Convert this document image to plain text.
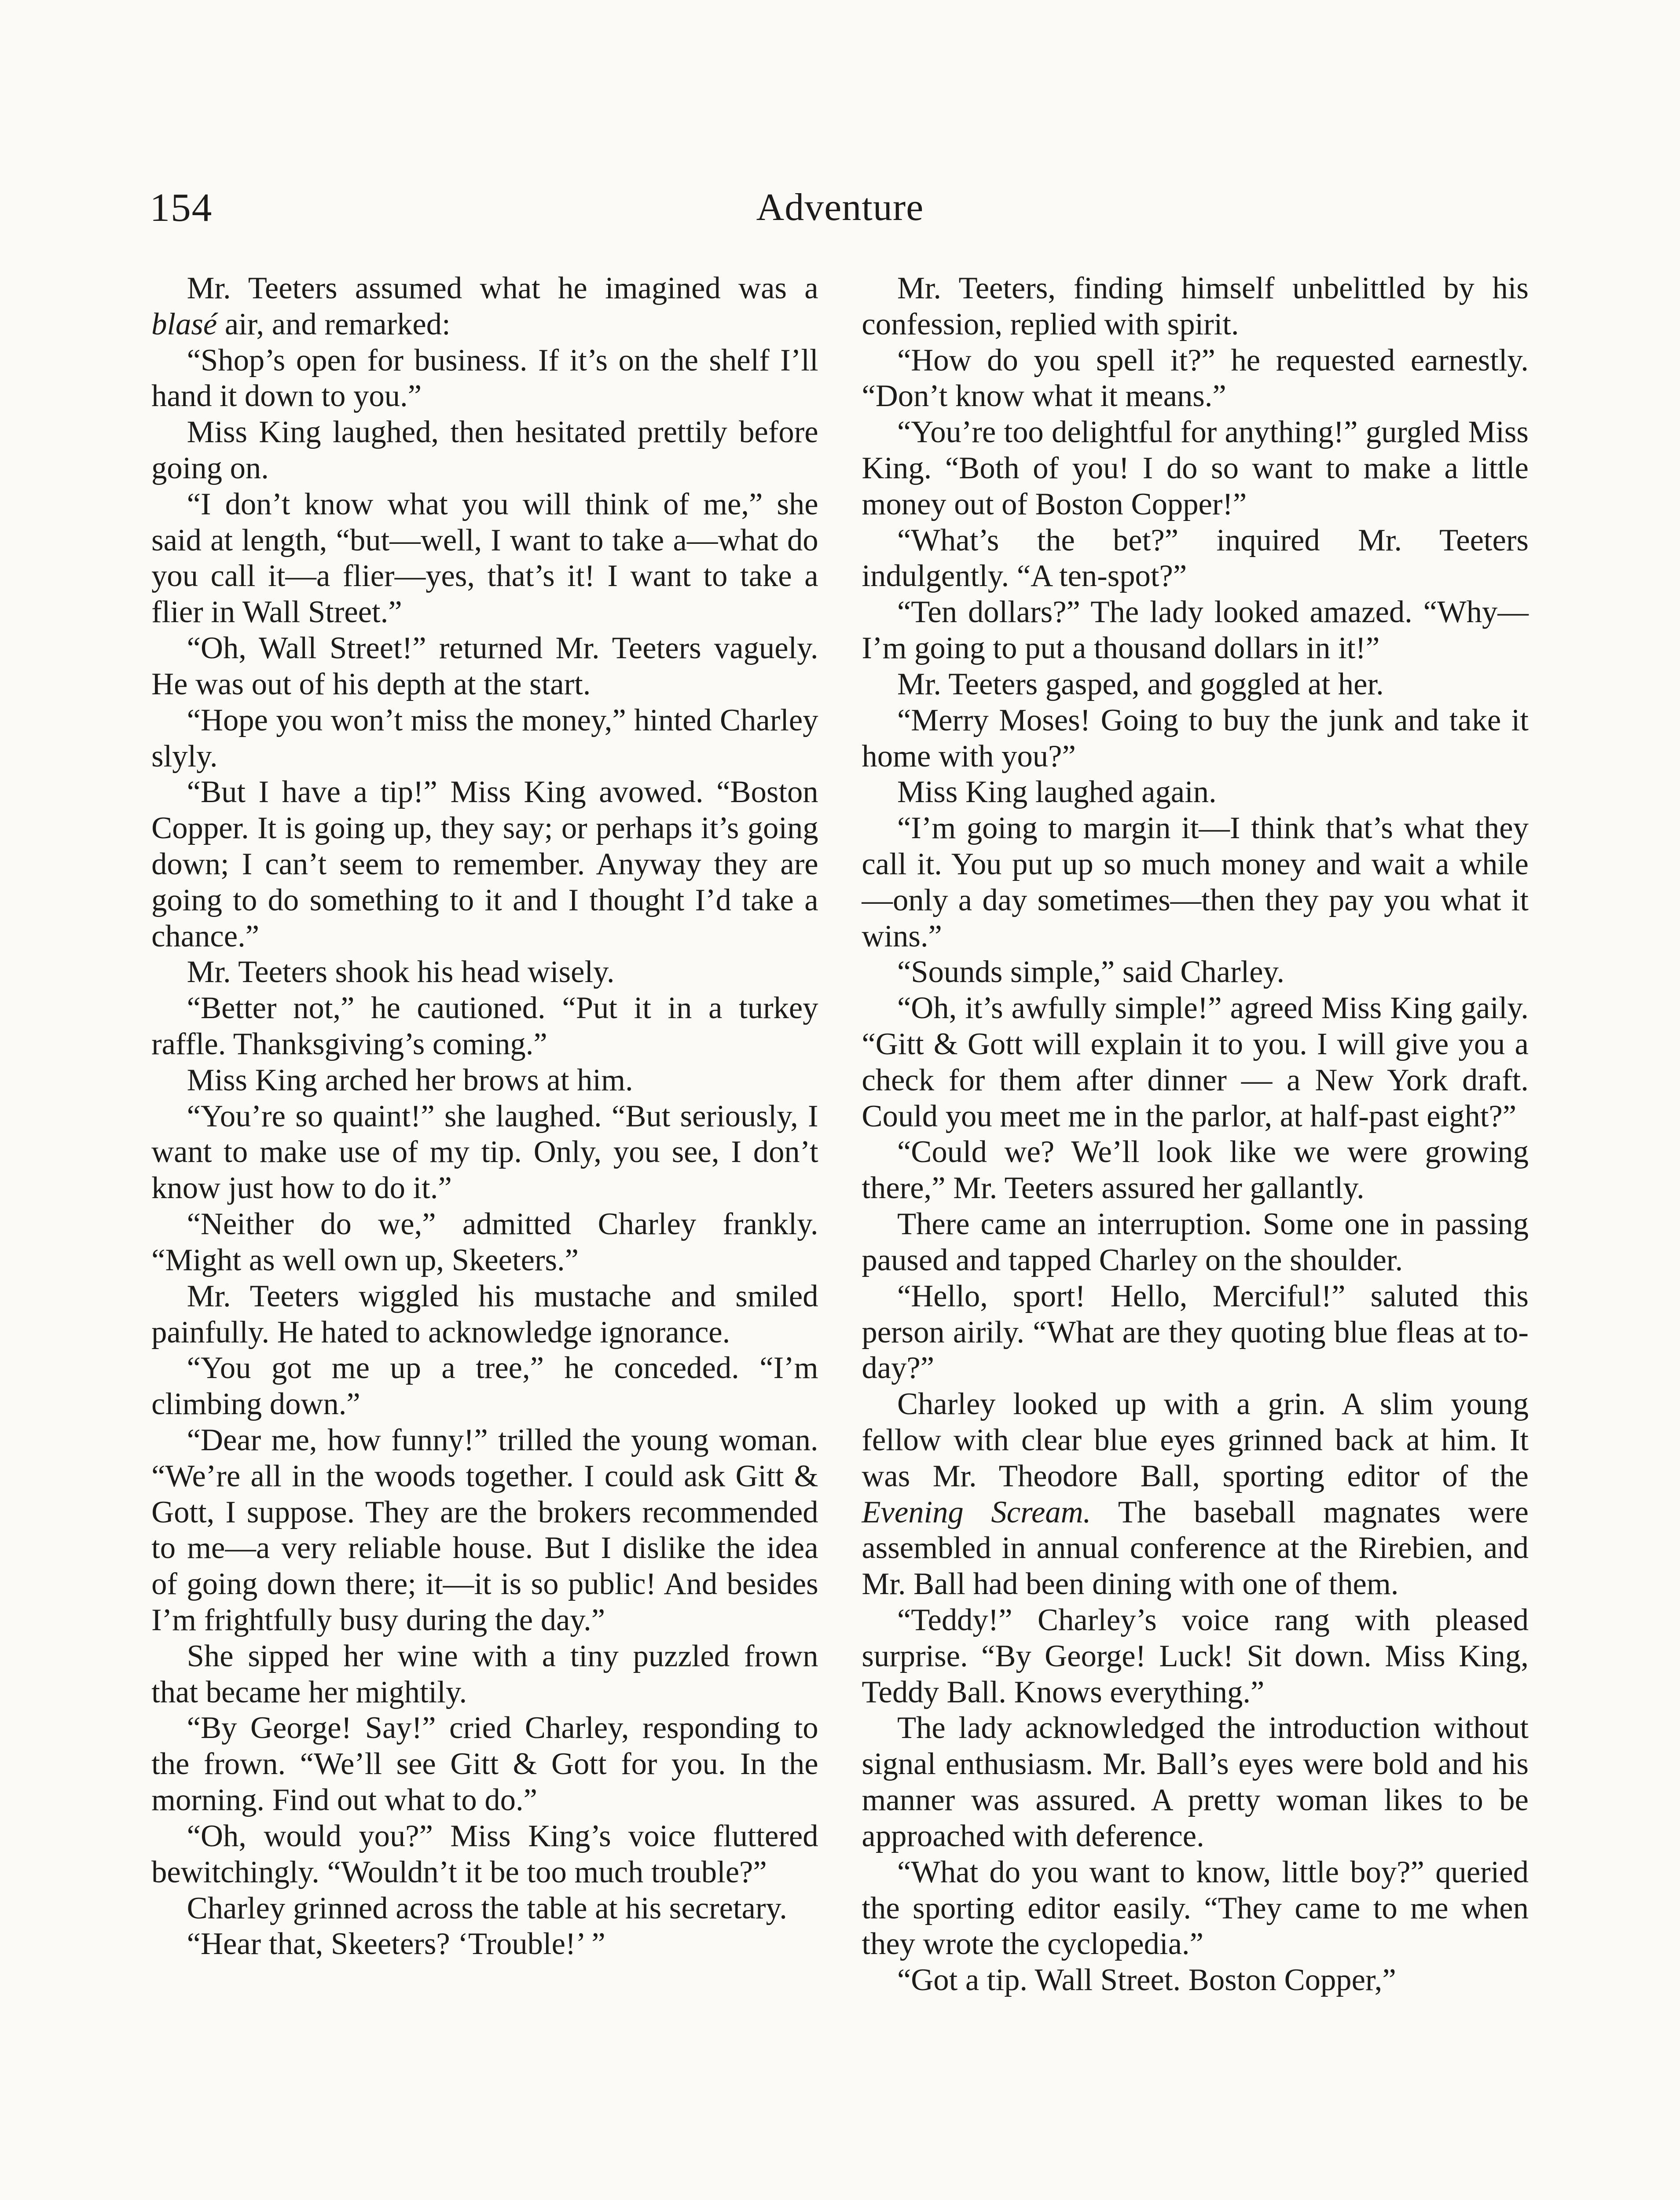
154	Adventure

Mr. Teeters assumed what he imagined was a blasé air, and remarked:

“Shop’s open for business. If it’s on the shelf I’ll hand it down to you.”

Miss King laughed, then hesitated prettily before going on.

“I don’t know what you will think of me,” she said at length, “but—well, I want to take a—what do you call it—a flier—yes, that’s it! I want to take a flier in Wall Street.”

“Oh, Wall Street!” returned Mr. Teeters vaguely. He was out of his depth at the start.

“Hope you won’t miss the money,” hinted Charley slyly.

“But I have a tip!” Miss King avowed. “Boston Copper. It is going up, they say; or perhaps it’s going down; I can’t seem to remember. Anyway they are going to do something to it and I thought I’d take a chance.”

Mr. Teeters shook his head wisely.

“Better not,” he cautioned. “Put it in a turkey raffle. Thanksgiving’s coming.”

Miss King arched her brows at him.

“You’re so quaint!” she laughed. “But seriously, I want to make use of my tip. Only, you see, I don’t know just how to do it.”

“Neither do we,” admitted Charley frankly. “Might as well own up, Skeeters.”

Mr. Teeters wiggled his mustache and smiled painfully. He hated to acknowledge ignorance.

“You got me up a tree,” he conceded. “I’m climbing down.”

“Dear me, how funny!” trilled the young woman. “We’re all in the woods together. I could ask Gitt & Gott, I suppose. They are the brokers recommended to me—a very reliable house. But I dislike the idea of going down there; it—it is so public! And besides I’m frightfully busy during the day.”

She sipped her wine with a tiny puzzled frown that became her mightily.

“By George! Say!” cried Charley, responding to the frown. “We’ll see Gitt & Gott for you. In the morning. Find out what to do.”

“Oh, would you?” Miss King’s voice fluttered bewitchingly. “Wouldn’t it be too much trouble?”

Charley grinned across the table at his secretary.

“Hear that, Skeeters? ‘Trouble!’ ”

Mr. Teeters, finding himself unbelittled by his confession, replied with spirit.

“How do you spell it?” he requested earnestly. “Don’t know what it means.”

“You’re too delightful for anything!” gurgled Miss King. “Both of you! I do so want to make a little money out of Boston Copper!”

“What’s the bet?” inquired Mr. Teeters indulgently. “A ten-spot?”

“Ten dollars?” The lady looked amazed. “Why—I’m going to put a thousand dollars in it!”

Mr. Teeters gasped, and goggled at her.

“Merry Moses! Going to buy the junk and take it home with you?”

Miss King laughed again.

“I’m going to margin it—I think that’s what they call it. You put up so much money and wait a while—only a day sometimes—then they pay you what it wins.”

“Sounds simple,” said Charley.

“Oh, it’s awfully simple!” agreed Miss King gaily. “Gitt & Gott will explain it to you. I will give you a check for them after dinner — a New York draft. Could you meet me in the parlor, at half-past eight?”

“Could we? We’ll look like we were growing there,” Mr. Teeters assured her gallantly.

There came an interruption. Some one in passing paused and tapped Charley on the shoulder.

“Hello, sport! Hello, Merciful!” saluted this person airily. “What are they quoting blue fleas at to-day?”

Charley looked up with a grin. A slim young fellow with clear blue eyes grinned back at him. It was Mr. Theodore Ball, sporting editor of the Evening Scream. The baseball magnates were assembled in annual conference at the Rirebien, and Mr. Ball had been dining with one of them.

“Teddy!” Charley’s voice rang with pleased surprise. “By George! Luck! Sit down. Miss King, Teddy Ball. Knows everything.”

The lady acknowledged the introduction without signal enthusiasm. Mr. Ball’s eyes were bold and his manner was assured. A pretty woman likes to be approached with deference.

“What do you want to know, little boy?” queried the sporting editor easily. “They came to me when they wrote the cyclopedia.”

“Got a tip. Wall Street. Boston Copper,”
